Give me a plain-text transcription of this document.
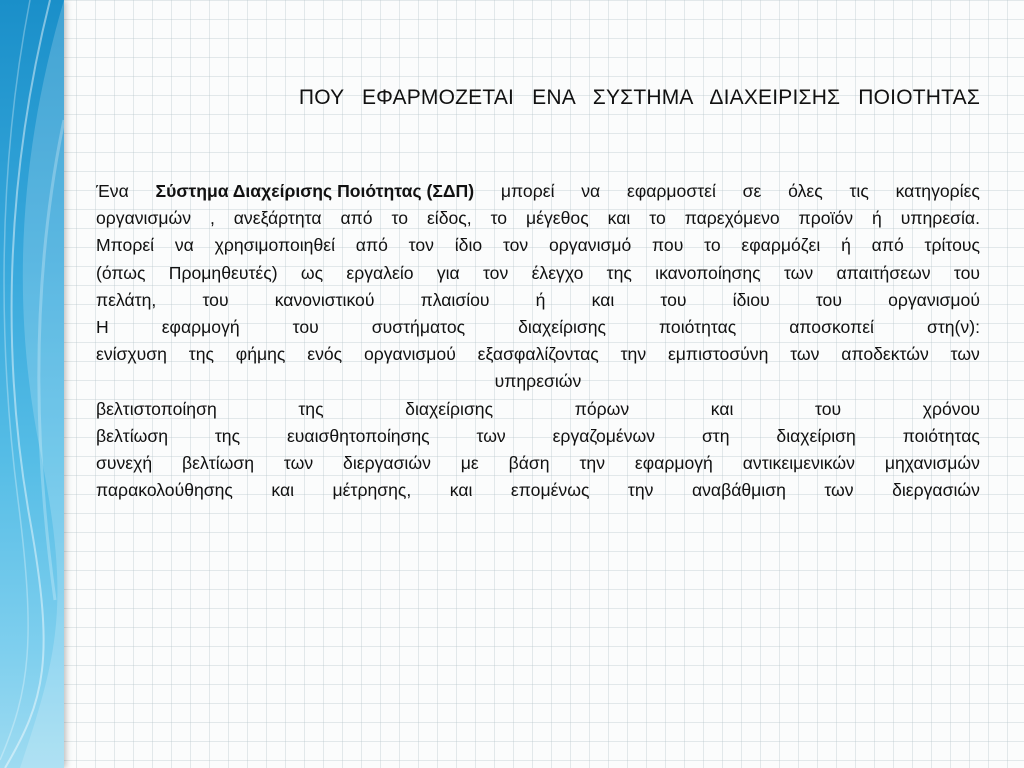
ΠΟΥ ΕΦΑΡΜΟΖΕΤΑΙ ΕΝΑ ΣΥΣΤΗΜΑ ΔΙΑΧΕΙΡΙΣΗΣ ΠΟΙΟΤΗΤΑΣ
Ένα Σύστημα Διαχείρισης Ποιότητας (ΣΔΠ) μπορεί να εφαρμοστεί σε όλες τις κατηγορίες
οργανισμών , ανεξάρτητα από το είδος, το μέγεθος και το παρεχόμενο προϊόν ή υπηρεσία.
Μπορεί να χρησιμοποιηθεί από τον ίδιο τον οργανισμό που το εφαρμόζει ή από τρίτους
(όπως Προμηθευτές) ως εργαλείο για τον έλεγχο της ικανοποίησης των απαιτήσεων του
πελάτη,	του	κανονιστικού	πλαισίου	ή	και	του	ίδιου	του	οργανισμού
Η	εφαρμογή	του	συστήματος	διαχείρισης	ποιότητας	αποσκοπεί	στη(ν):
ενίσχυση της φήμης ενός οργανισμού εξασφαλίζοντας την εμπιστοσύνη των αποδεκτών των
υπηρεσιών
βελτιστοποίηση	της	διαχείρισης	πόρων	και	του	χρόνου
βελτίωση	της	ευαισθητοποίησης	των	εργαζομένων	στη	διαχείριση	ποιότητας
συνεχή βελτίωση των διεργασιών με βάση την εφαρμογή αντικειμενικών μηχανισμών
παρακολούθησης και μέτρησης, και επομένως την αναβάθμιση των διεργασιών
